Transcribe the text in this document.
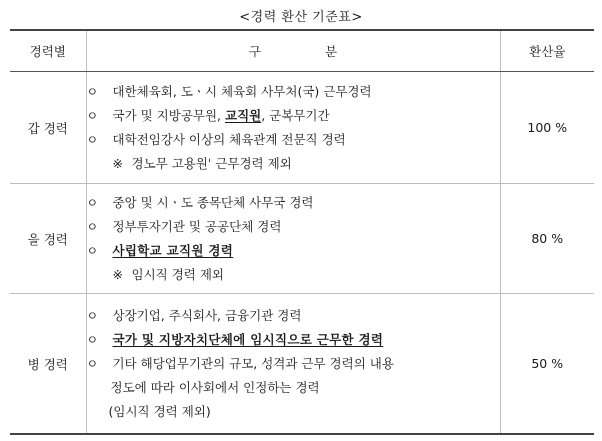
<경력 환산 기준표>
경력별	구분	환산율
갑 경력	ㅇ 대한체육회, 도ㆍ시 체육회 사무처(국) 근무경력
ㅇ 국가 및 지방공무원, 교직원, 군복무기간
ㅇ 대학전임강사 이상의 체육관계 전문직 경력
※ 경노무 고용원ˈ 근무경력 제외	100 %
을 경력	ㅇ 중앙 및 시ㆍ도 종목단체 사무국 경력
ㅇ 정부투자기관 및 공공단체 경력
ㅇ 사립학교 교직원 경력
※ 임시직 경력 제외	80 %
병 경력	ㅇ 상장기업, 주식회사, 금융기관 경력
ㅇ 국가 및 지방자치단체에 임시직으로 근무한 경력
ㅇ 기타 해당업무기관의 규모, 성격과 근무 경력의 내용
정도에 따라 이사회에서 인정하는 경력
(임시직 경력 제외)	50 %
